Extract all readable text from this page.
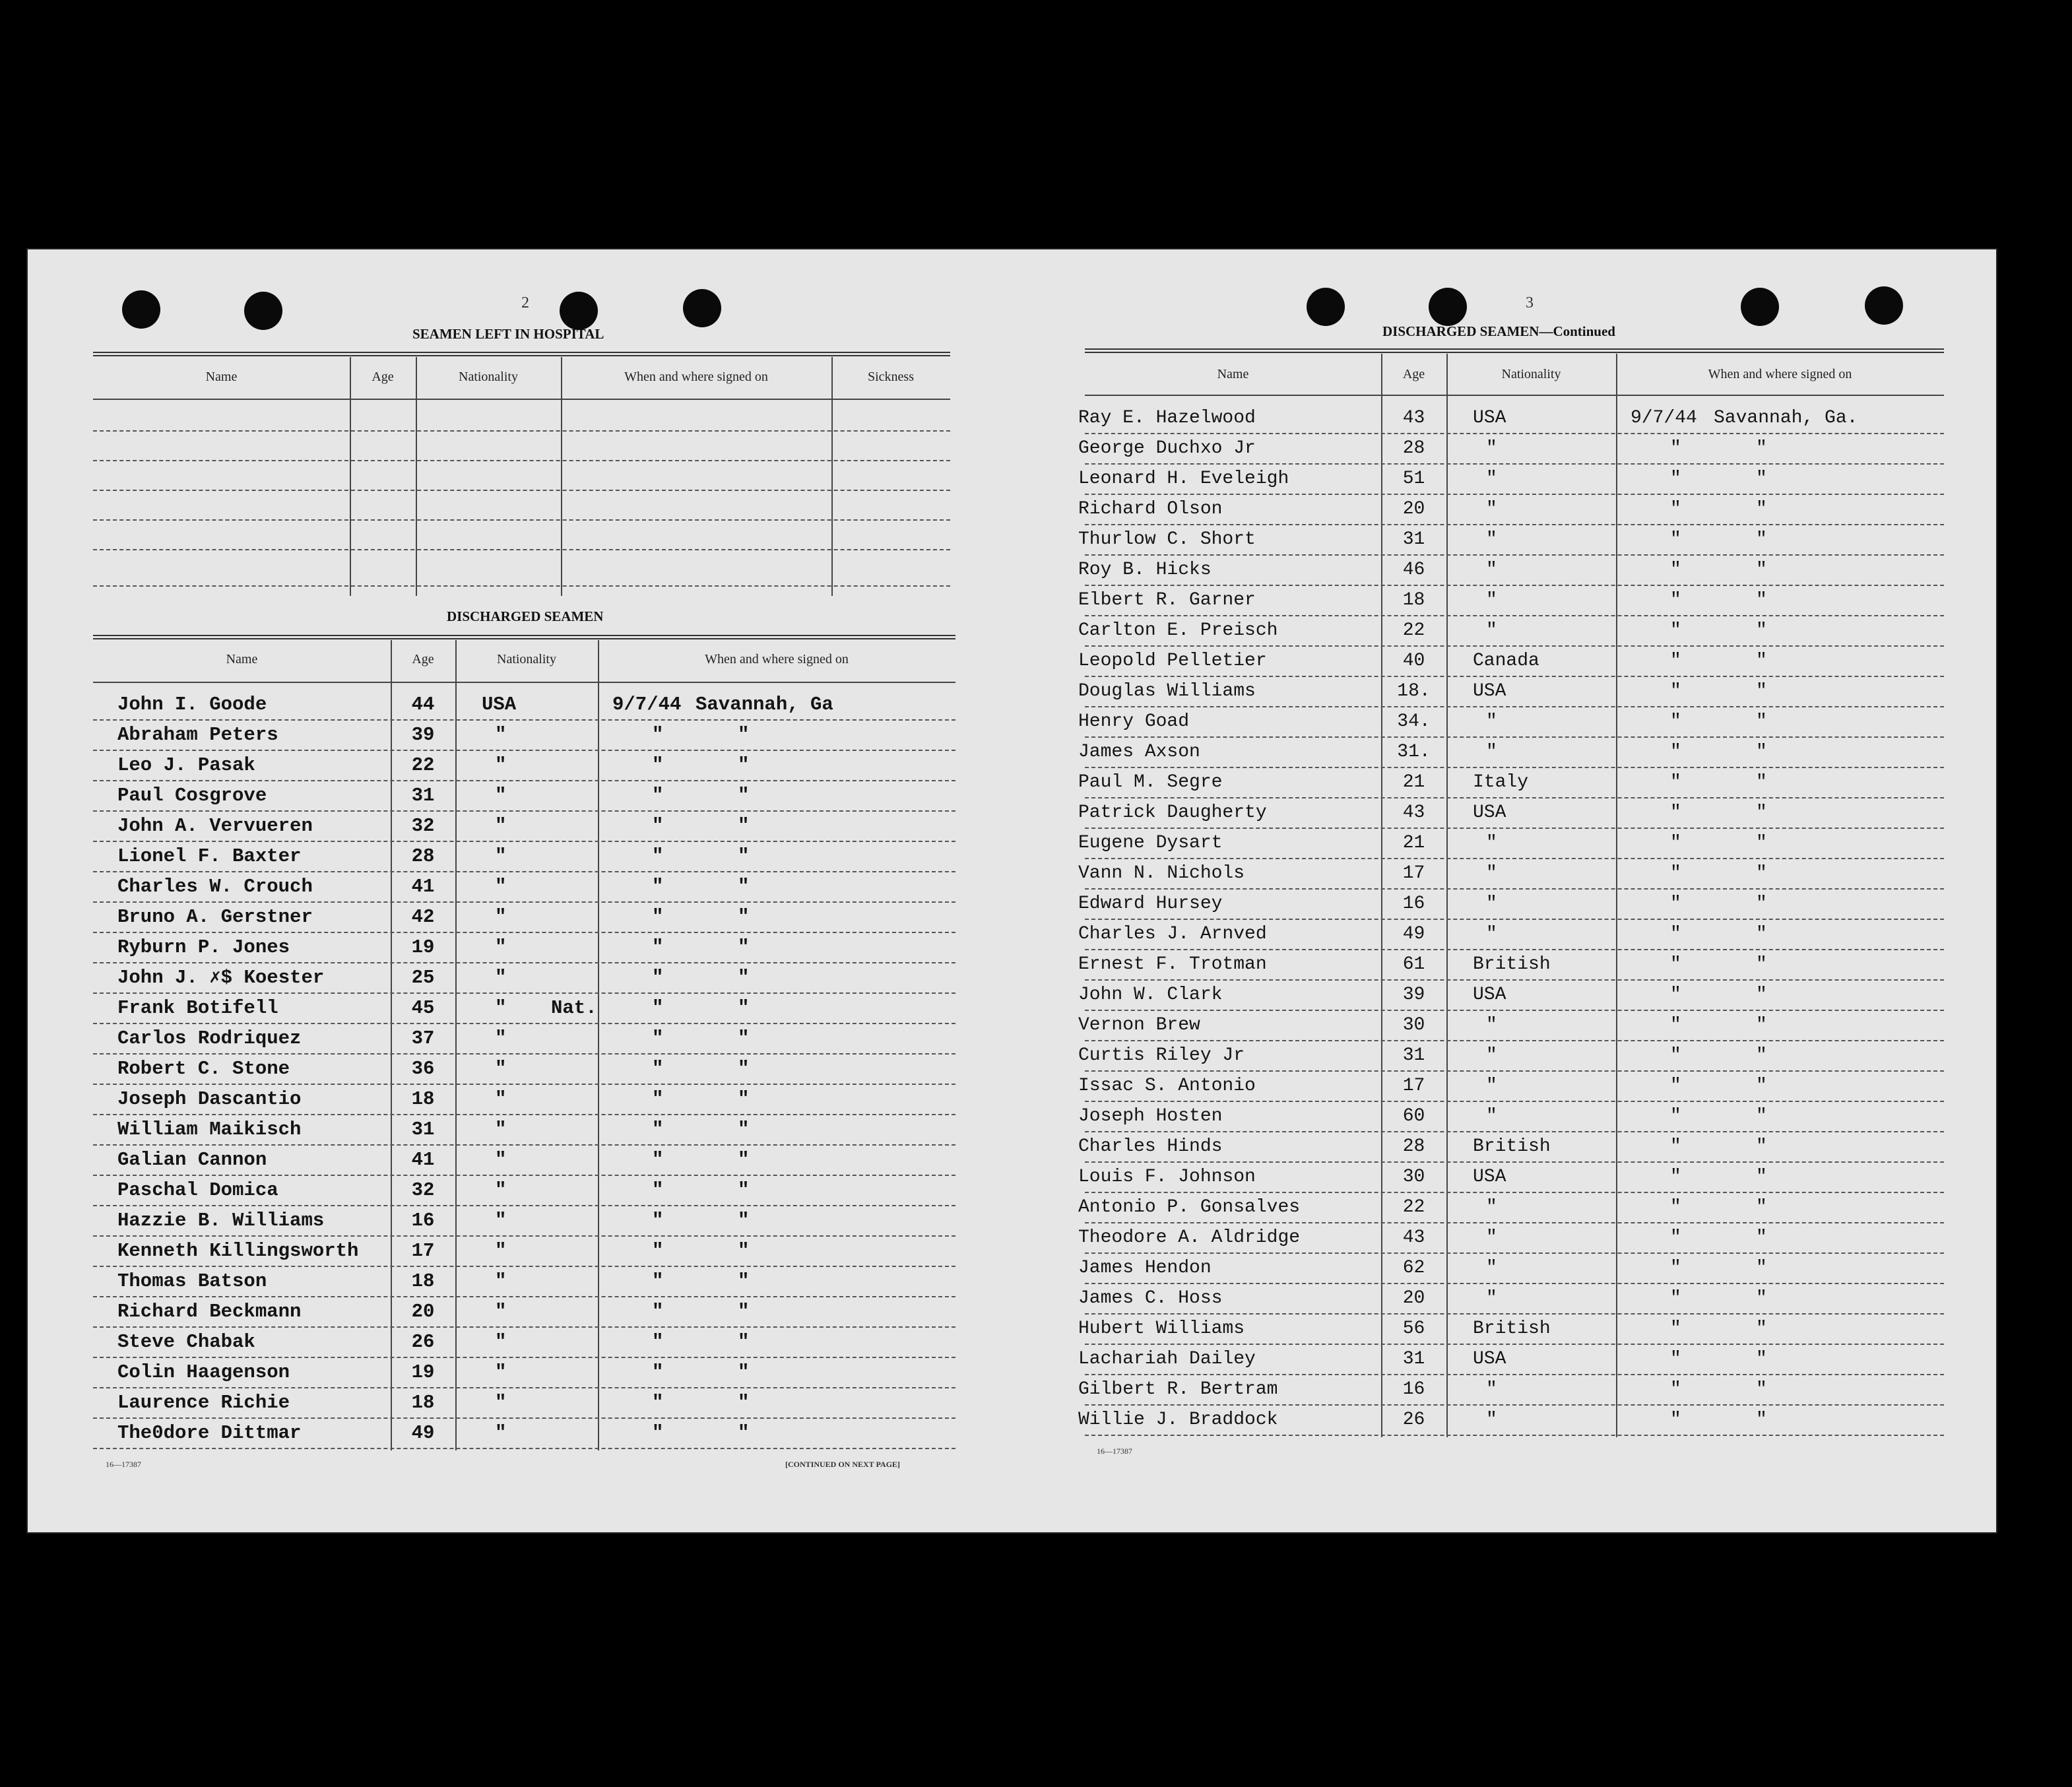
2
SEAMEN LEFT IN HOSPITAL
Name	Age	Nationality	When and where signed on	Sickness
DISCHARGED SEAMEN
Name	Age	Nationality	When and where signed on
John I. Goode	44	USA	9/7/44 Savannah, Ga
Abraham Peters	39	"	"	"
Leo J. Pasak	22	"	"	"
Paul Cosgrove	31	"	"	"
John A. Vervueren	32	"	"	"
Lionel F. Baxter	28	"	"	"
Charles W. Crouch	41	"	"	"
Bruno A. Gerstner	42	"	"	"
Ryburn P. Jones	19	"	"	"
John J. ✗$ Koester	25	"	"	"
Frank Botifell	45	" Nat.	"	"
Carlos Rodriquez	37	"	"	"
Robert C. Stone	36	"	"	"
Joseph Dascantio	18	"	"	"
William Maikisch	31	"	"	"
Galian Cannon	41	"	"	"
Paschal Domica	32	"	"	"
Hazzie B. Williams	16	"	"	"
Kenneth Killingsworth	17	"	"	"
Thomas Batson	18	"	"	"
Richard Beckmann	20	"	"	"
Steve Chabak	26	"	"	"
Colin Haagenson	19	"	"	"
Laurence Richie	18	"	"	"
The0dore Dittmar	49	"	"	"
16—17387	[CONTINUED ON NEXT PAGE]
3
DISCHARGED SEAMEN—Continued
Name	Age	Nationality	When and where signed on
Ray E. Hazelwood	43	USA	9/7/44 Savannah, Ga.
George Duchxo Jr	28	"	"	"
Leonard H. Eveleigh	51	"	"	"
Richard Olson	20	"	"	"
Thurlow C. Short	31	"	"	"
Roy B. Hicks	46	"	"	"
Elbert R. Garner	18	"	"	"
Carlton E. Preisch	22	"	"	"
Leopold Pelletier	40	Canada	"	"
Douglas Williams	18.	USA	"	"
Henry Goad	34.	"	"	"
James Axson	31.	"	"	"
Paul M. Segre	21	Italy	"	"
Patrick Daugherty	43	USA	"	"
Eugene Dysart	21	"	"	"
Vann N. Nichols	17	"	"	"
Edward Hursey	16	"	"	"
Charles J. Arnved	49	"	"	"
Ernest F. Trotman	61	British	"	"
John W. Clark	39	USA	"	"
Vernon Brew	30	"	"	"
Curtis Riley Jr	31	"	"	"
Issac S. Antonio	17	"	"	"
Joseph Hosten	60	"	"	"
Charles Hinds	28	British	"	"
Louis F. Johnson	30	USA	"	"
Antonio P. Gonsalves	22	"	"	"
Theodore A. Aldridge	43	"	"	"
James Hendon	62	"	"	"
James C. Hoss	20	"	"	"
Hubert Williams	56	British	"	"
Lachariah Dailey	31	USA	"	"
Gilbert R. Bertram	16	"	"	"
Willie J. Braddock	26	"	"	"
16—17387
